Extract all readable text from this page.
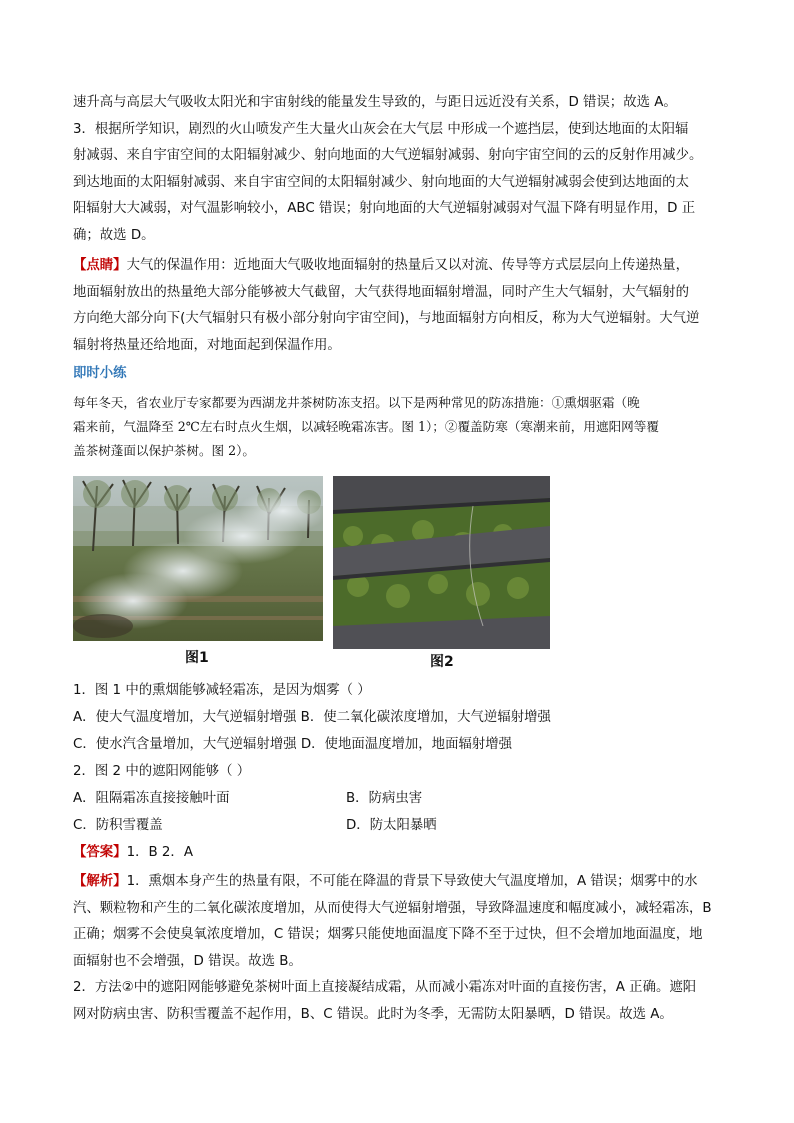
速升高与高层大气吸收太阳光和宇宙射线的能量发生导致的，与距日远近没有关系，D 错误；故选 A。
3．根据所学知识，剧烈的火山喷发产生大量火山灰会在大气层 中形成一个遮挡层，使到达地面的太阳辐
射减弱、来自宇宙空间的太阳辐射减少、射向地面的大气逆辐射减弱、射向宇宙空间的云的反射作用减少。
到达地面的太阳辐射减弱、来自宇宙空间的太阳辐射减少、射向地面的大气逆辐射减弱会使到达地面的太
阳辐射大大减弱，对气温影响较小，ABC 错误；射向地面的大气逆辐射减弱对气温下降有明显作用，D 正
确；故选 D。
【点睛】大气的保温作用：近地面大气吸收地面辐射的热量后又以对流、传导等方式层层向上传递热量，
地面辐射放出的热量绝大部分能够被大气截留，大气获得地面辐射增温，同时产生大气辐射，大气辐射的
方向绝大部分向下(大气辐射只有极小部分射向宇宙空间)，与地面辐射方向相反，称为大气逆辐射。大气逆
辐射将热量还给地面，对地面起到保温作用。
即时小练
每年冬天，省农业厅专家都要为西湖龙井茶树防冻支招。以下是两种常见的防冻措施：①熏烟驱霜（晚
霜来前，气温降至 2℃左右时点火生烟，以减轻晚霜冻害。图 1）；②覆盖防寒（寒潮来前，用遮阳网等覆
盖茶树蓬面以保护茶树。图 2）。
图1	图2
1．图 1 中的熏烟能够减轻霜冻，是因为烟雾（ ）
A．使大气温度增加，大气逆辐射增强 B．使二氧化碳浓度增加，大气逆辐射增强
C．使水汽含量增加，大气逆辐射增强 D．使地面温度增加，地面辐射增强
2．图 2 中的遮阳网能够（ ）
A．阻隔霜冻直接接触叶面	B．防病虫害
C．防积雪覆盖	D．防太阳暴晒
【答案】1．B 2．A
【解析】1．熏烟本身产生的热量有限，不可能在降温的背景下导致使大气温度增加，A 错误；烟雾中的水
汽、颗粒物和产生的二氧化碳浓度增加，从而使得大气逆辐射增强，导致降温速度和幅度减小，减轻霜冻，B
正确；烟雾不会使臭氧浓度增加，C 错误；烟雾只能使地面温度下降不至于过快，但不会增加地面温度，地
面辐射也不会增强，D 错误。故选 B。
2．方法②中的遮阳网能够避免茶树叶面上直接凝结成霜，从而减小霜冻对叶面的直接伤害，A 正确。遮阳
网对防病虫害、防积雪覆盖不起作用，B、C 错误。此时为冬季，无需防太阳暴晒，D 错误。故选 A。
